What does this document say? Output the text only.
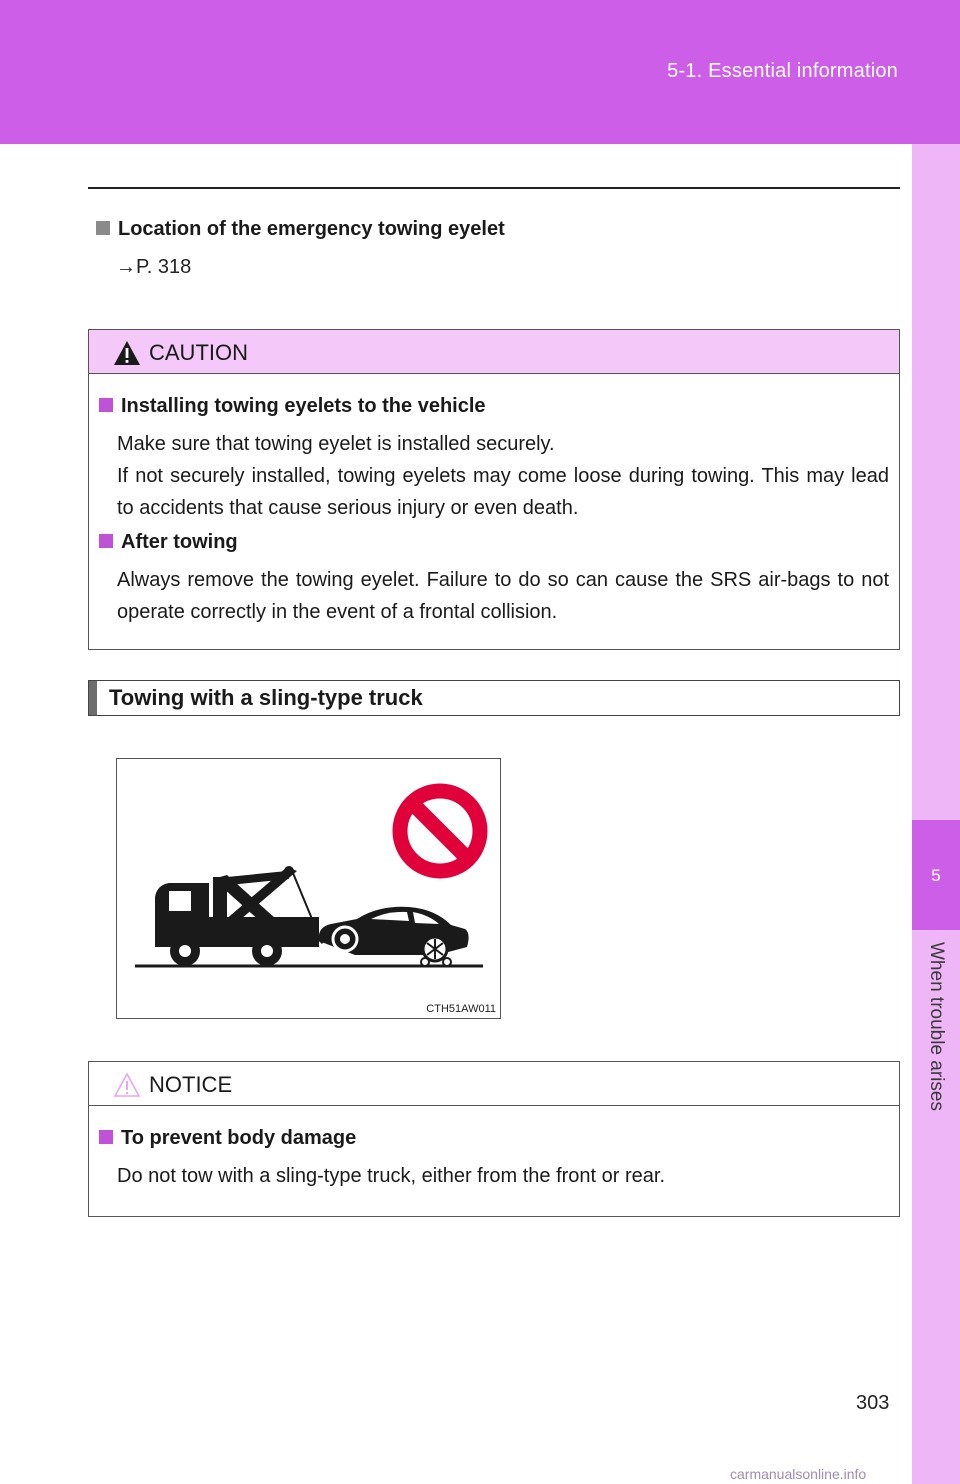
5-1. Essential information
5
When trouble arises
Location of the emergency towing eyelet
→P. 318
CAUTION
Installing towing eyelets to the vehicle
Make sure that towing eyelet is installed securely.
If not securely installed, towing eyelets may come loose during towing. This may lead to accidents that cause serious injury or even death.
After towing
Always remove the towing eyelet. Failure to do so can cause the SRS air-bags to not operate correctly in the event of a frontal collision.
Towing with a sling-type truck
CTH51AW011
NOTICE
To prevent body damage
Do not tow with a sling-type truck, either from the front or rear.
303
carmanualsonline.info
